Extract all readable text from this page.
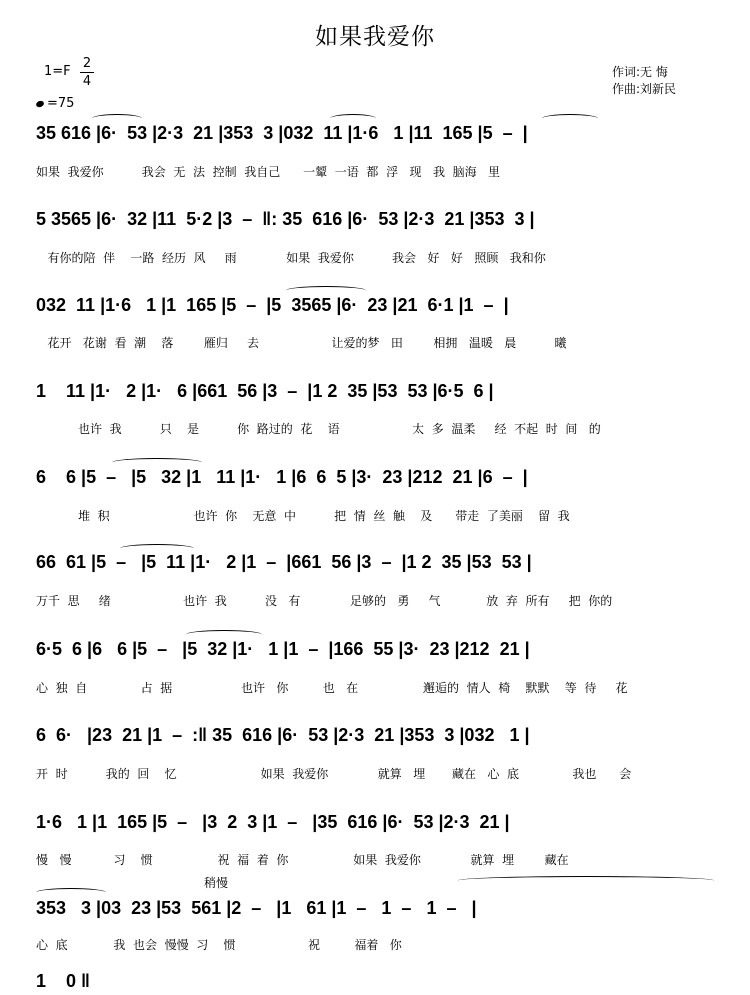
如果我爱你
1=F
2
4
=75
作词:无 悔
作曲:刘新民
稍慢
35 616 |6·  53 |2·3  21 |353  3 |032  11 |1·6   1 |11  165 |5  –  |
如果  我爱你          我会  无  法  控制  我自己      一颦  一语  都  浮   现   我  脑海   里
5 3565 |6·  32 |11  5·2 |3  –  ‖: 35  616 |6·  53 |2·3  21 |353  3 |
有你的陪  伴    一路  经历  风     雨             如果  我爱你          我会   好   好   照顾   我和你
032  11 |1·6   1 |1  165 |5  –  |5  3565 |6·  23 |21  6·1 |1  –  |
花开   花谢  看  潮    落        雁归     去                   让爱的梦   田        相拥   温暖   晨          曦
1    11 |1·   2 |1·   6 |661  56 |3  –  |1 2  35 |53  53 |6·5  6 |
也许  我          只    是          你  路过的  花    语                   太  多  温柔     经  不起  时  间   的
6    6 |5  –   |5   32 |1   11 |1·   1 |6  6  5 |3·  23 |212  21 |6  –  |
堆  积                      也许  你    无意  中          把  情  丝  触    及      带走  了美丽    留  我
66  61 |5  –   |5  11 |1·   2 |1  –  |661  56 |3  –  |1 2  35 |53  53 |
万千  思     绪                   也许  我          没   有             足够的   勇     气            放  弃  所有     把  你的
6·5  6 |6   6 |5  –   |5  32 |1·   1 |1  –  |166  55 |3·  23 |212  21 |
心  独  自              占  据                  也许   你         也   在                 邂逅的  情人  椅    默默    等  待     花
6  6·   |23  21 |1  –  :‖ 35  616 |6·  53 |2·3  21 |353  3 |032   1 |
开  时          我的  回    忆                      如果  我爱你             就算   埋       藏在   心  底              我也      会
1·6   1 |1  165 |5  –   |3  2  3 |1  –   |35  616 |6·  53 |2·3  21 |
慢   慢           习    惯                 祝  福  着  你                 如果  我爱你             就算  埋        藏在
353   3 |03  23 |53  561 |2  –   |1   61 |1  –   1  –   1  –   |
心  底            我  也会  慢慢  习    惯                   祝         福着   你
1    0 ‖
